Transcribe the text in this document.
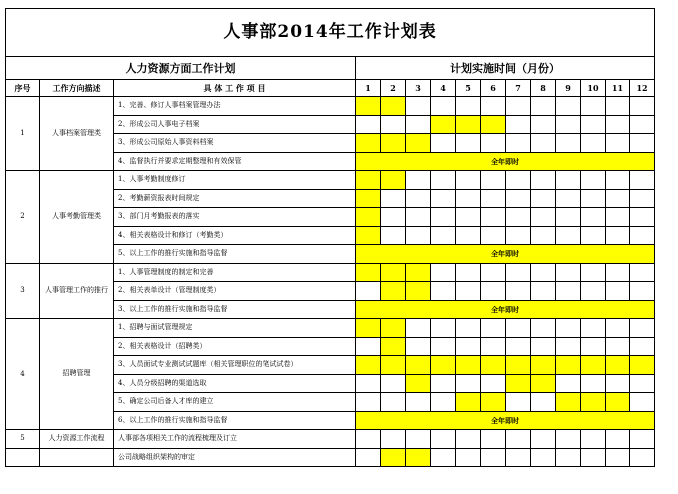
人事部2014年工作计划表														
人力资源方面工作计划			计划实施时间（月份）											
序号	工作方向描述	具 体 工 作 项 目	1	2	3	4	5	6	7	8	9	10	11	12
1	人事档案管理类	1、完善、修订人事档案管理办法												
		2、形成公司人事电子档案												
		3、形成公司原始人事资料档案												
		4、监督执行并要求定期整理和有效保管	全年即时											
2	人事考勤管理类	1、人事考勤制度修订												
		2、考勤薪资报表时间规定												
		3、部门月考勤报表的落实												
		4、相关表格设计和修订（考勤类）												
		5、以上工作的推行实施和指导监督	全年即时											
3	人事管理工作的推行	1、人事管理制度的制定和完善												
		2、相关表单设计（管理制度类）												
		3、以上工作的推行实施和指导监督	全年即时											
4	招聘管理	1、招聘与面试管理规定												
		2、相关表格设计（招聘类）												
		3、人员面试专业测试试题库（相关管理职位的笔试试卷）												
		4、人员分级招聘的渠道选取												
		5、确定公司后备人才库的建立												
		6、以上工作的推行实施和指导监督	全年即时											
5	人力资源工作流程	人事部各项相关工作的流程梳理及订立												
		公司战略组织架构的审定												
